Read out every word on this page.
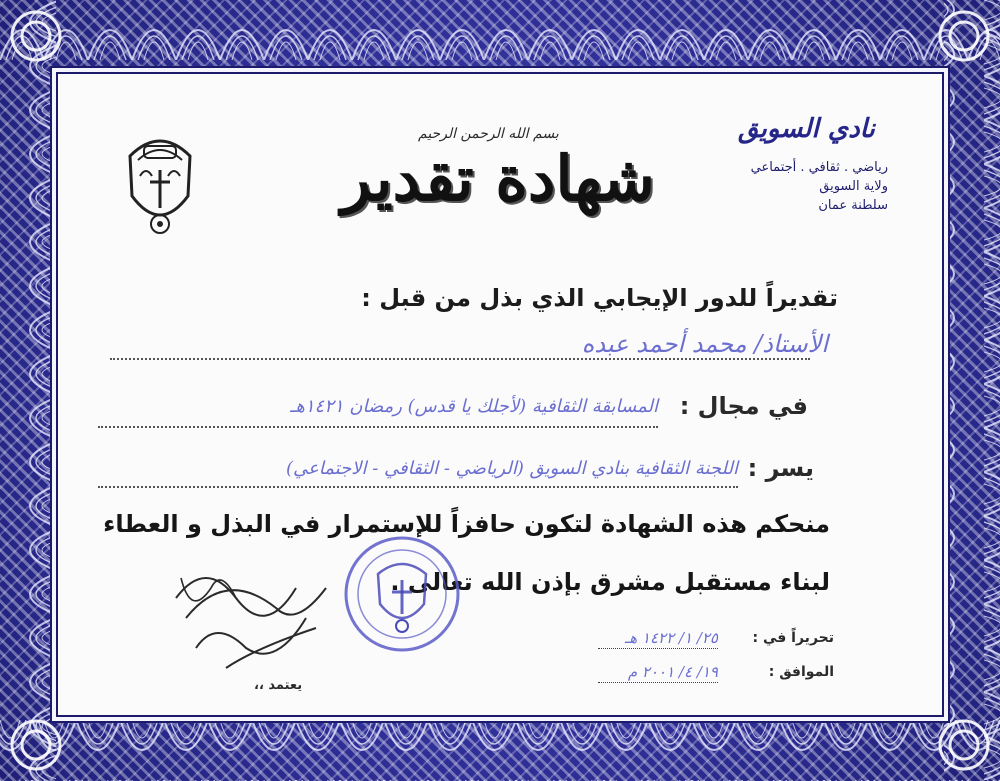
بسم الله الرحمن الرحيم
شهادة تقدير
نادي السويق
رياضي . ثقافي . أجتماعي
ولاية السويق
سلطنة عمان
تقديراً للدور الإيجابي الذي بذل من قبل :
الأستاذ/ محمد أحمد عبده
في مجال :
المسابقة الثقافية (لأجلك يا قدس) رمضان ١٤٢١هـ
يسر :
اللجنة الثقافية بنادي السويق (الرياضي - الثقافي - الاجتماعي)
منحكم هذه الشهادة لتكون حافزاً للإستمرار في البذل و العطاء
لبناء مستقبل مشرق بإذن الله تعالى .
يعتمد ،،
تحريراً في :
٢٥/ ١/ ١٤٢٢ هـ
الموافق :
١٩/ ٤/ ٢٠٠١ م
